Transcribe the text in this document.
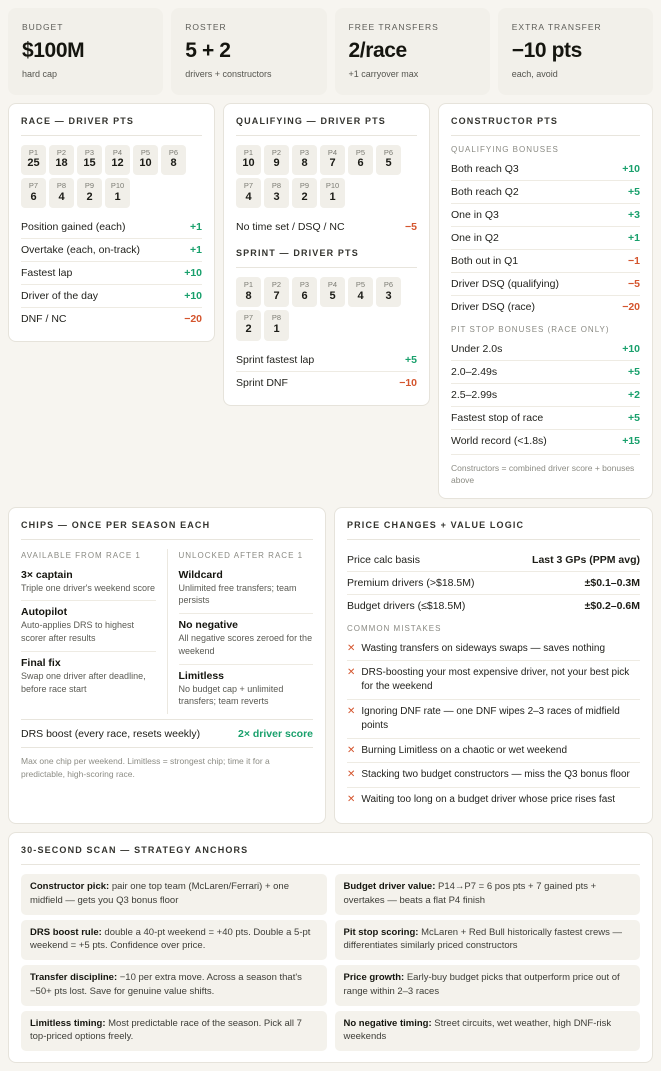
BUDGET
$100M
hard cap
ROSTER
5 + 2
drivers + constructors
FREE TRANSFERS
2/race
+1 carryover max
EXTRA TRANSFER
−10 pts
each, avoid
RACE — DRIVER PTS
P1
25
P2
18
P3
15
P4
12
P5
10
P6
8
P7
6
P8
4
P9
2
P10
1
Position gained (each)	+1
Overtake (each, on-track)	+1
Fastest lap	+10
Driver of the day	+10
DNF / NC	−20
QUALIFYING — DRIVER PTS
P1
10
P2
9
P3
8
P4
7
P5
6
P6
5
P7
4
P8
3
P9
2
P10
1
No time set / DSQ / NC	−5
SPRINT — DRIVER PTS
P1
8
P2
7
P3
6
P4
5
P5
4
P6
3
P7
2
P8
1
Sprint fastest lap	+5
Sprint DNF	−10
CONSTRUCTOR PTS
QUALIFYING BONUSES
Both reach Q3	+10
Both reach Q2	+5
One in Q3	+3
One in Q2	+1
Both out in Q1	−1
Driver DSQ (qualifying)	−5
Driver DSQ (race)	−20
PIT STOP BONUSES (RACE ONLY)
Under 2.0s	+10
2.0–2.49s	+5
2.5–2.99s	+2
Fastest stop of race	+5
World record (<1.8s)	+15
Constructors = combined driver score + bonuses above
CHIPS — ONCE PER SEASON EACH
AVAILABLE FROM RACE 1
3× captain
Triple one driver's weekend score
Autopilot
Auto-applies DRS to highest scorer after results
Final fix
Swap one driver after deadline, before race start
UNLOCKED AFTER RACE 1
Wildcard
Unlimited free transfers; team persists
No negative
All negative scores zeroed for the weekend
Limitless
No budget cap + unlimited transfers; team reverts
DRS boost (every race, resets weekly)	2× driver score
Max one chip per weekend. Limitless = strongest chip; time it for a predictable, high-scoring race.
PRICE CHANGES + VALUE LOGIC
Price calc basis	Last 3 GPs (PPM avg)
Premium drivers (>$18.5M)	±$0.1–0.3M
Budget drivers (≤$18.5M)	±$0.2–0.6M
COMMON MISTAKES
✕ Wasting transfers on sideways swaps — saves nothing
✕ DRS-boosting your most expensive driver, not your best pick for the weekend
✕ Ignoring DNF rate — one DNF wipes 2–3 races of midfield points
✕ Burning Limitless on a chaotic or wet weekend
✕ Stacking two budget constructors — miss the Q3 bonus floor
✕ Waiting too long on a budget driver whose price rises fast
30-SECOND SCAN — STRATEGY ANCHORS
Constructor pick: pair one top team (McLaren/Ferrari) + one midfield — gets you Q3 bonus floor
DRS boost rule: double a 40-pt weekend = +40 pts. Double a 5-pt weekend = +5 pts. Confidence over price.
Transfer discipline: −10 per extra move. Across a season that's −50+ pts lost. Save for genuine value shifts.
Limitless timing: Most predictable race of the season. Pick all 7 top-priced options freely.
Budget driver value: P14→P7 = 6 pos pts + 7 gained pts + overtakes — beats a flat P4 finish
Pit stop scoring: McLaren + Red Bull historically fastest crews — differentiates similarly priced constructors
Price growth: Early-buy budget picks that outperform price out of range within 2–3 races
No negative timing: Street circuits, wet weather, high DNF-risk weekends
